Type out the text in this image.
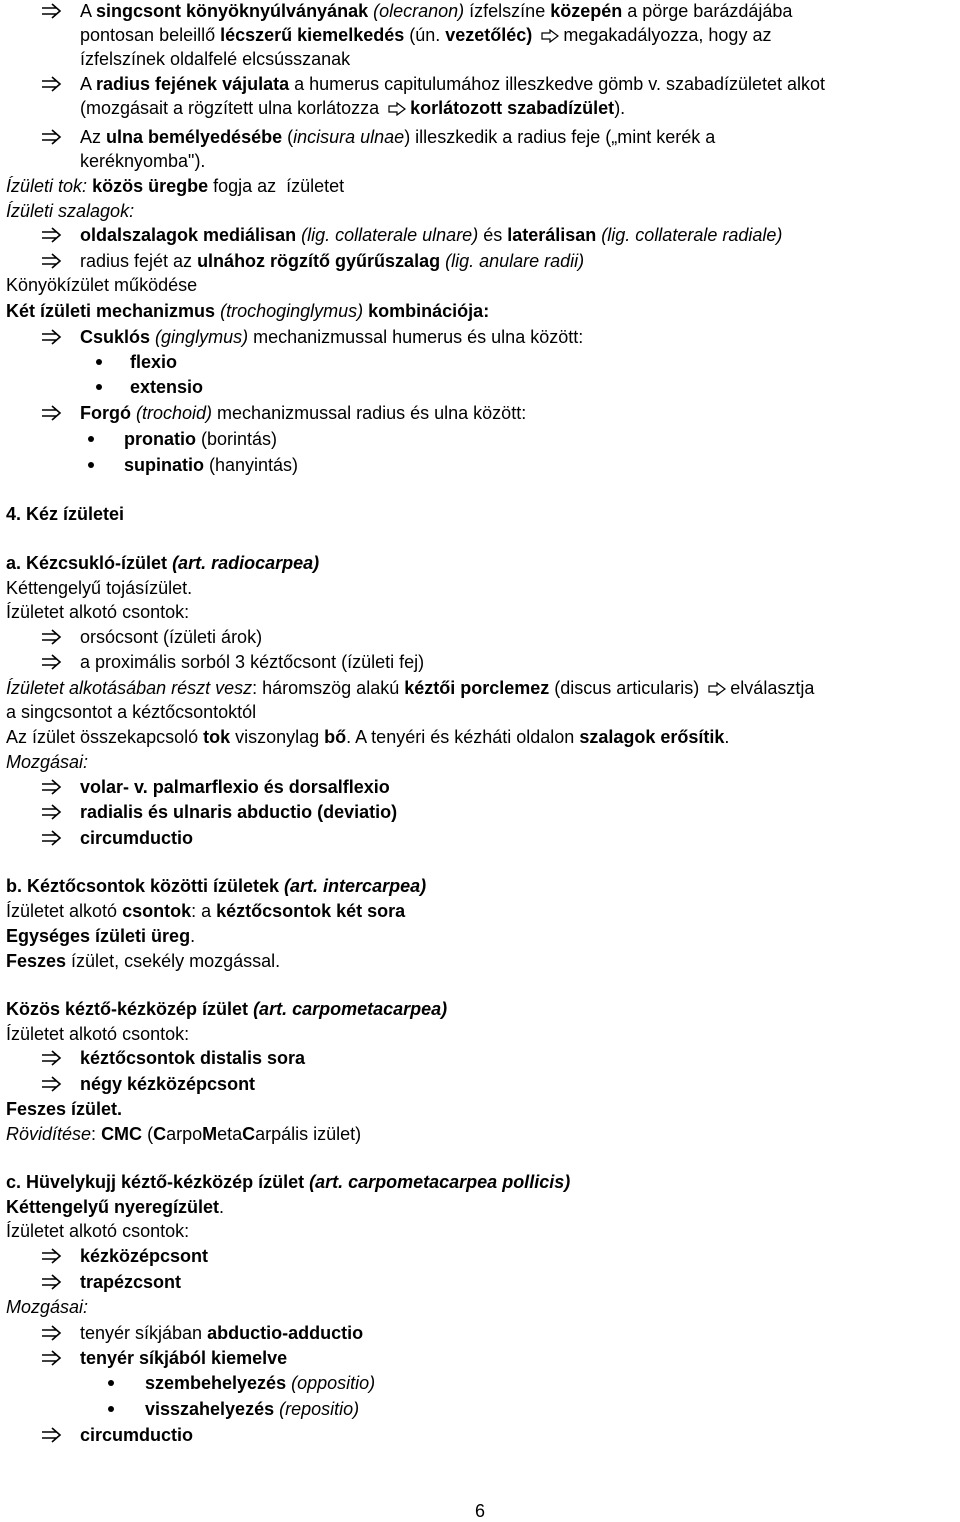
A singcsont könyöknyúlványának (olecranon) ízfelszíne közepén a pörge barázdájába
pontosan beleillő lécszerű kiemelkedés (ún. vezetőléc) megakadályozza, hogy az
ízfelszínek oldalfelé elcsússzanak
A radius fejének vájulata a humerus capitulumához illeszkedve gömb v. szabadízületet alkot
(mozgásait a rögzített ulna korlátozza korlátozott szabadízület).
Az ulna bemélyedésébe (incisura ulnae) illeszkedik a radius feje („mint kerék a
keréknyomba").
Ízületi tok: közös üregbe fogja az  ízületet
Ízületi szalagok:
oldalszalagok mediálisan (lig. collaterale ulnare) és laterálisan (lig. collaterale radiale)
radius fejét az ulnához rögzítő gyűrűszalag (lig. anulare radii)
Könyökízület működése
Két ízületi mechanizmus (trochoginglymus) kombinációja:
Csuklós (ginglymus) mechanizmussal humerus és ulna között:
flexio
extensio
Forgó (trochoid) mechanizmussal radius és ulna között:
pronatio (borintás)
supinatio (hanyintás)
4. Kéz ízületei
a. Kézcsukló-ízület (art. radiocarpea)
Kéttengelyű tojásízület.
Ízületet alkotó csontok:
orsócsont (ízületi árok)
a proximális sorból 3 kéztőcsont (ízületi fej)
Ízületet alkotásában részt vesz: háromszög alakú kéztői porclemez (discus articularis) elválasztja
a singcsontot a kéztőcsontoktól
Az ízület összekapcsoló tok viszonylag bő. A tenyéri és kézháti oldalon szalagok erősítik.
Mozgásai:
volar- v. palmarflexio és dorsalflexio
radialis és ulnaris abductio (deviatio)
circumductio
b. Kéztőcsontok közötti ízületek (art. intercarpea)
Ízületet alkotó csontok: a kéztőcsontok két sora
Egységes ízületi üreg.
Feszes ízület, csekély mozgással.
Közös kéztő-kézközép ízület (art. carpometacarpea)
Ízületet alkotó csontok:
kéztőcsontok distalis sora
négy kézközépcsont
Feszes ízület.
Rövidítése: CMC (CarpoMetaCarpális izület)
c. Hüvelykujj kéztő-kézközép ízület (art. carpometacarpea pollicis)
Kéttengelyű nyeregízület.
Ízületet alkotó csontok:
kézközépcsont
trapézcsont
Mozgásai:
tenyér síkjában abductio-adductio
tenyér síkjából kiemelve
szembehelyezés (oppositio)
visszahelyezés (repositio)
circumductio
6
